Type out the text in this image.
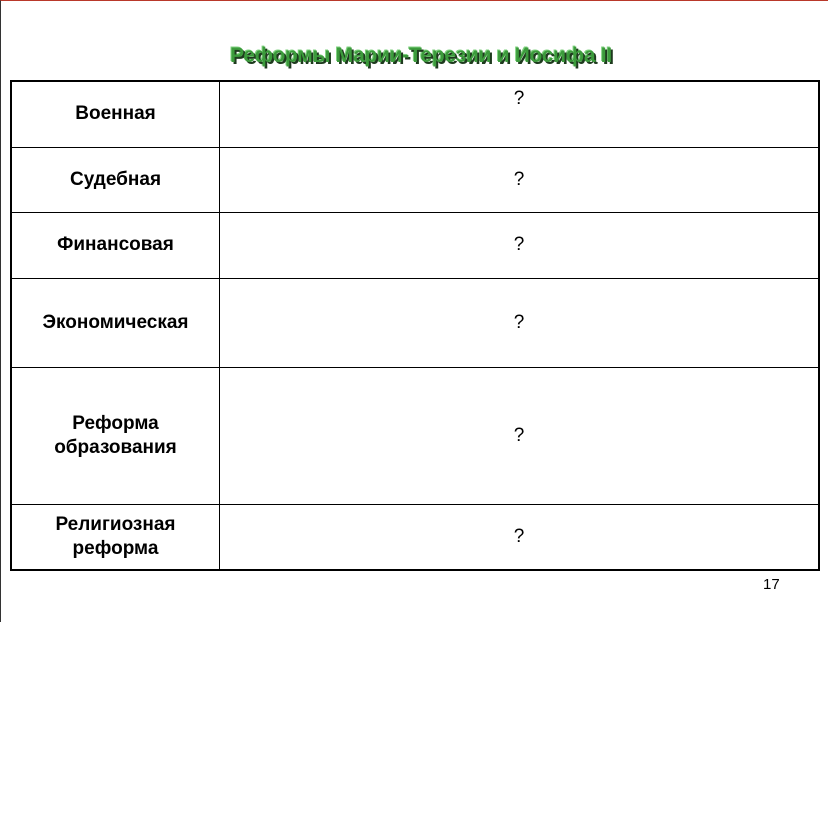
Реформы Марии-Терезии и Иосифа II
Военная	?
Судебная	?
Финансовая	?
Экономическая	?
Реформа образования	?
Религиозная реформа	?
17
